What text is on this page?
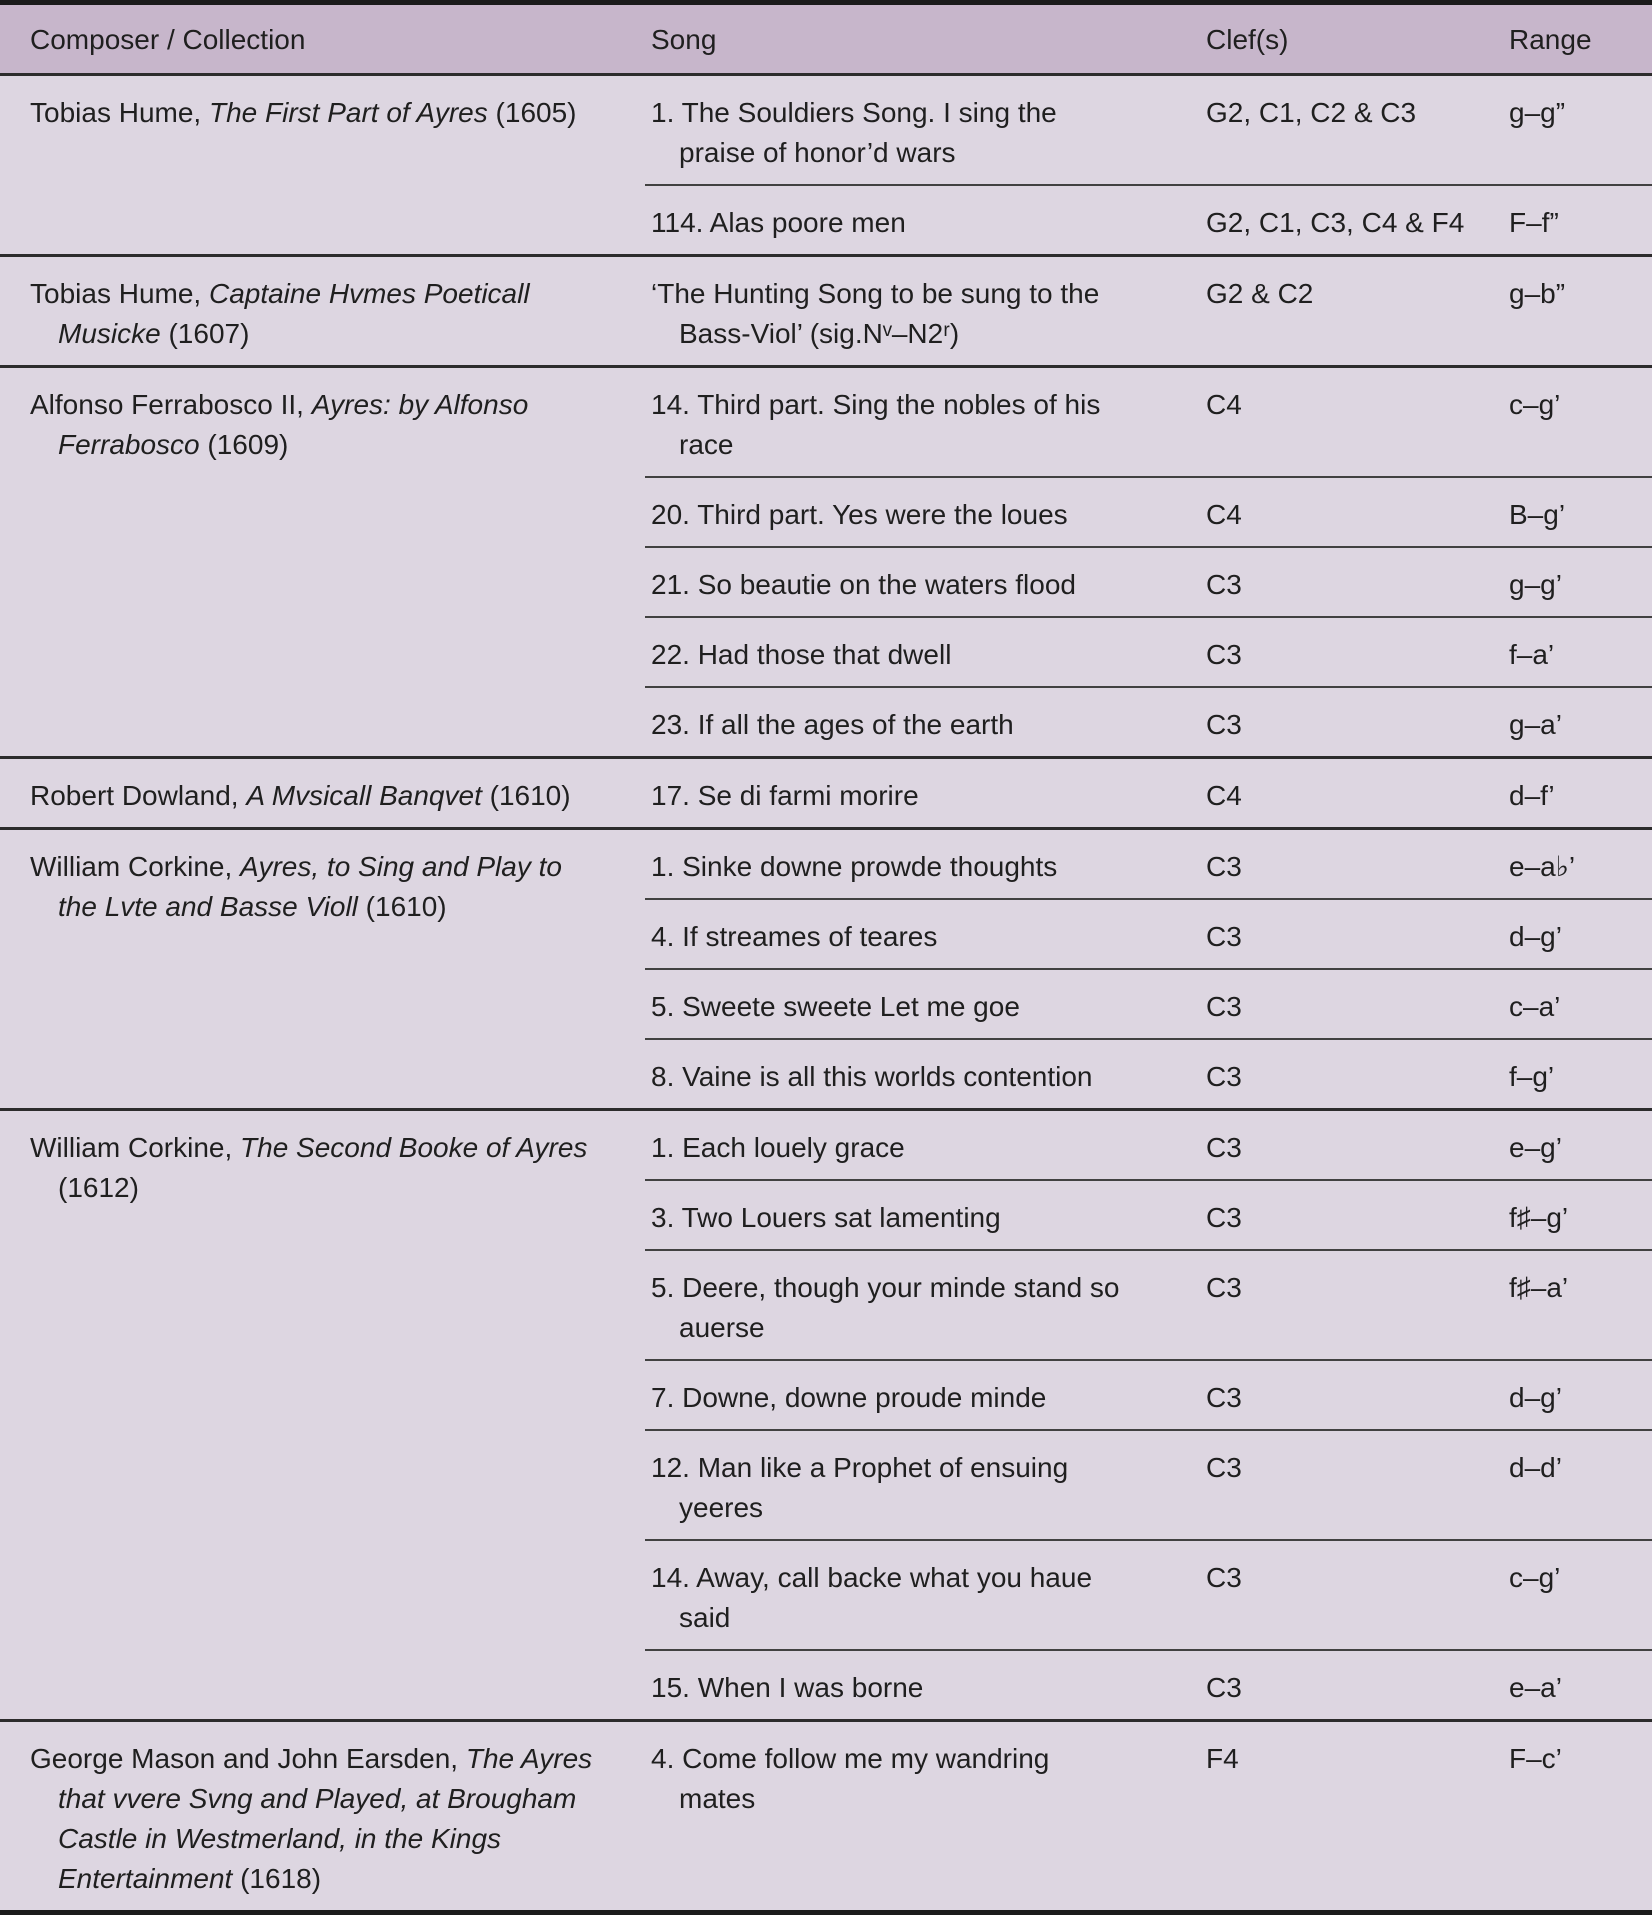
Composer / Collection	Song	Clef(s)	Range

Tobias Hume, The First Part of Ayres (1605)	1. The Souldiers Song. I sing the praise of honor’d wars	G2, C1, C2 & C3	g–g”

	114. Alas poore men	G2, C1, C3, C4 & F4	F–f”

Tobias Hume, Captaine Hvmes Poeticall Musicke (1607)	‘The Hunting Song to be sung to the Bass-Viol’ (sig.Nᵛ–N2ʳ)	G2 & C2	g–b”

Alfonso Ferrabosco II, Ayres: by Alfonso Ferrabosco (1609)	14. Third part. Sing the nobles of his race	C4	c–g’

	20. Third part. Yes were the loues	C4	B–g’

	21. So beautie on the waters flood	C3	g–g’

	22. Had those that dwell	C3	f–a’

	23. If all the ages of the earth	C3	g–a’

Robert Dowland, A Mvsicall Banqvet (1610)	17. Se di farmi morire	C4	d–f’

William Corkine, Ayres, to Sing and Play to the Lvte and Basse Violl (1610)	1. Sinke downe prowde thoughts	C3	e–a♭’

	4. If streames of teares	C3	d–g’

	5. Sweete sweete Let me goe	C3	c–a’

	8. Vaine is all this worlds contention	C3	f–g’

William Corkine, The Second Booke of Ayres (1612)	1. Each louely grace	C3	e–g’

	3. Two Louers sat lamenting	C3	f♯–g’

	5. Deere, though your minde stand so auerse	C3	f♯–a’

	7. Downe, downe proude minde	C3	d–g’

	12. Man like a Prophet of ensuing yeeres	C3	d–d’

	14. Away, call backe what you haue said	C3	c–g’

	15. When I was borne	C3	e–a’

George Mason and John Earsden, The Ayres that vvere Svng and Played, at Brougham Castle in Westmerland, in the Kings Entertainment (1618)	4. Come follow me my wandring mates	F4	F–c’
